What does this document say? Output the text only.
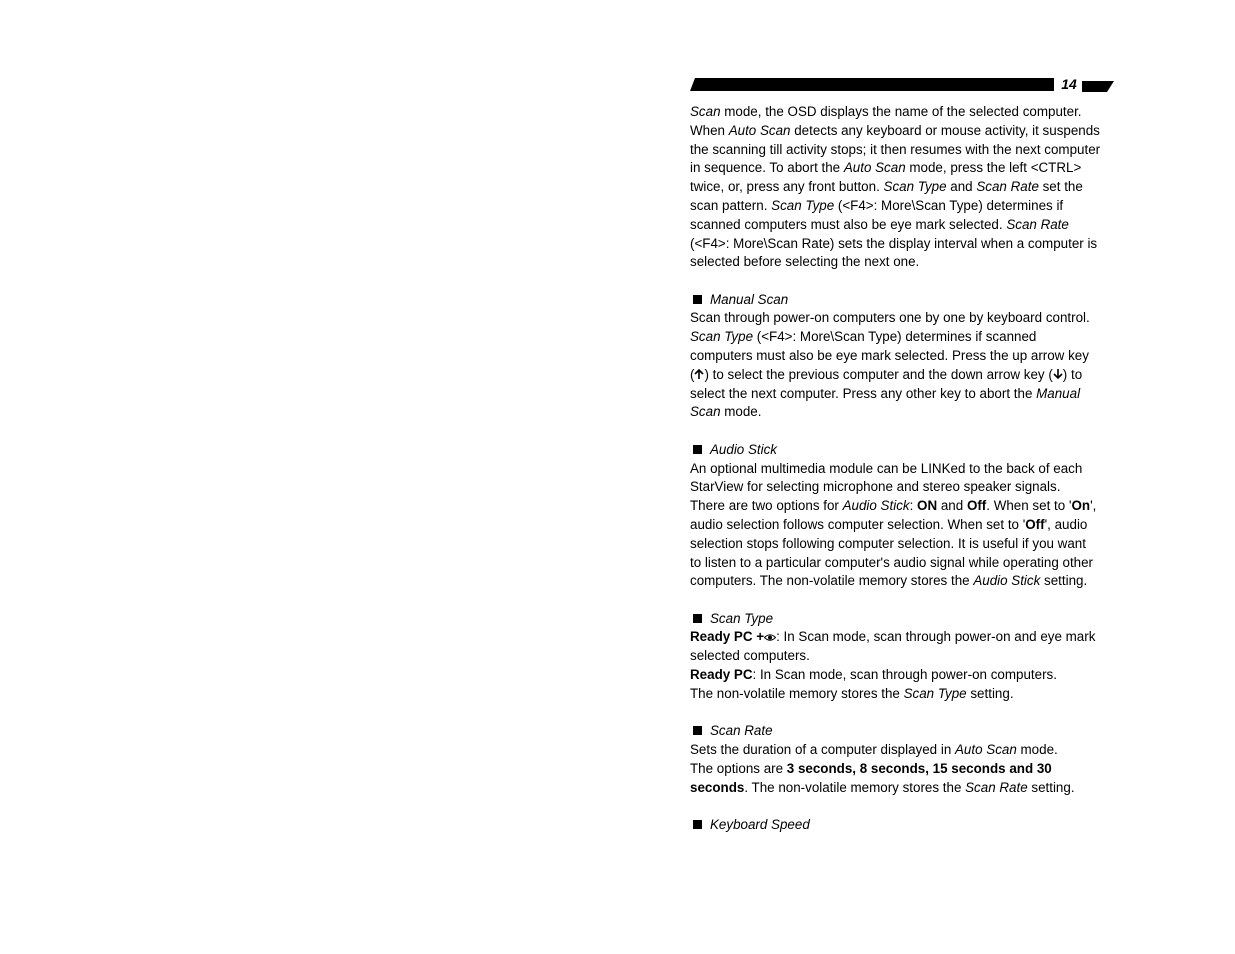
14

Scan mode, the OSD displays the name of the selected computer.

When Auto Scan detects any keyboard or mouse activity, it suspends

the scanning till activity stops; it then resumes with the next computer

in sequence. To abort the Auto Scan mode, press the left <CTRL>

twice, or, press any front button. Scan Type and Scan Rate set the

scan pattern. Scan Type (<F4>: More\Scan Type) determines if

scanned computers must also be eye mark selected. Scan Rate

(<F4>: More\Scan Rate) sets the display interval when a computer is

selected before selecting the next one.

Manual Scan

Scan through power-on computers one by one by keyboard control.

Scan Type (<F4>: More\Scan Type) determines if scanned

computers must also be eye mark selected. Press the up arrow key

( ) to select the previous computer and the down arrow key ( ) to

select the next computer. Press any other key to abort the Manual

Scan mode.

Audio Stick

An optional multimedia module can be LINKed to the back of each

StarView for selecting microphone and stereo speaker signals.

There are two options for Audio Stick: ON and Off. When set to 'On',

audio selection follows computer selection. When set to 'Off', audio

selection stops following computer selection. It is useful if you want

to listen to a particular computer's audio signal while operating other

computers. The non-volatile memory stores the Audio Stick setting.

Scan Type

Ready PC + : In Scan mode, scan through power-on and eye mark

selected computers.

Ready PC: In Scan mode, scan through power-on computers.

The non-volatile memory stores the Scan Type setting.

Scan Rate

Sets the duration of a computer displayed in Auto Scan mode.

The options are 3 seconds, 8 seconds, 15 seconds and 30

seconds. The non-volatile memory stores the Scan Rate setting.

Keyboard Speed
